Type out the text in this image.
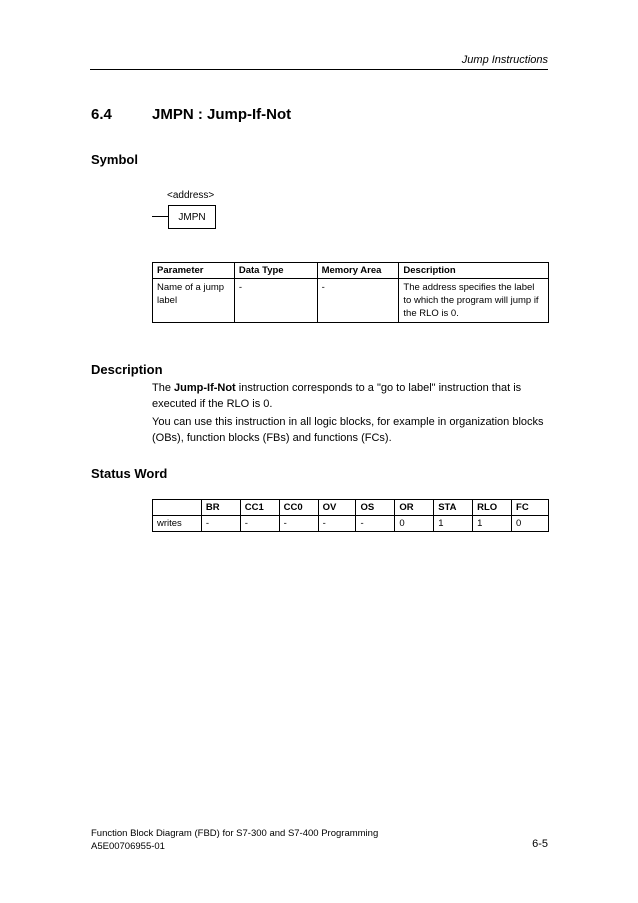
Jump Instructions
6.4	JMPN : Jump-If-Not
Symbol
<address>
JMPN
Parameter	Data Type	Memory Area	Description
Name of a jump label	-	-	The address specifies the label to which the program will jump if the RLO is 0.
Description
The Jump-If-Not instruction corresponds to a "go to label" instruction that is executed if the RLO is 0.
You can use this instruction in all logic blocks, for example in organization blocks (OBs), function blocks (FBs) and functions (FCs).
Status Word
	BR	CC1	CC0	OV	OS	OR	STA	RLO	FC
writes	-	-	-	-	-	0	1	1	0
Function Block Diagram (FBD) for S7-300 and S7-400 Programming
A5E00706955-01	6-5
